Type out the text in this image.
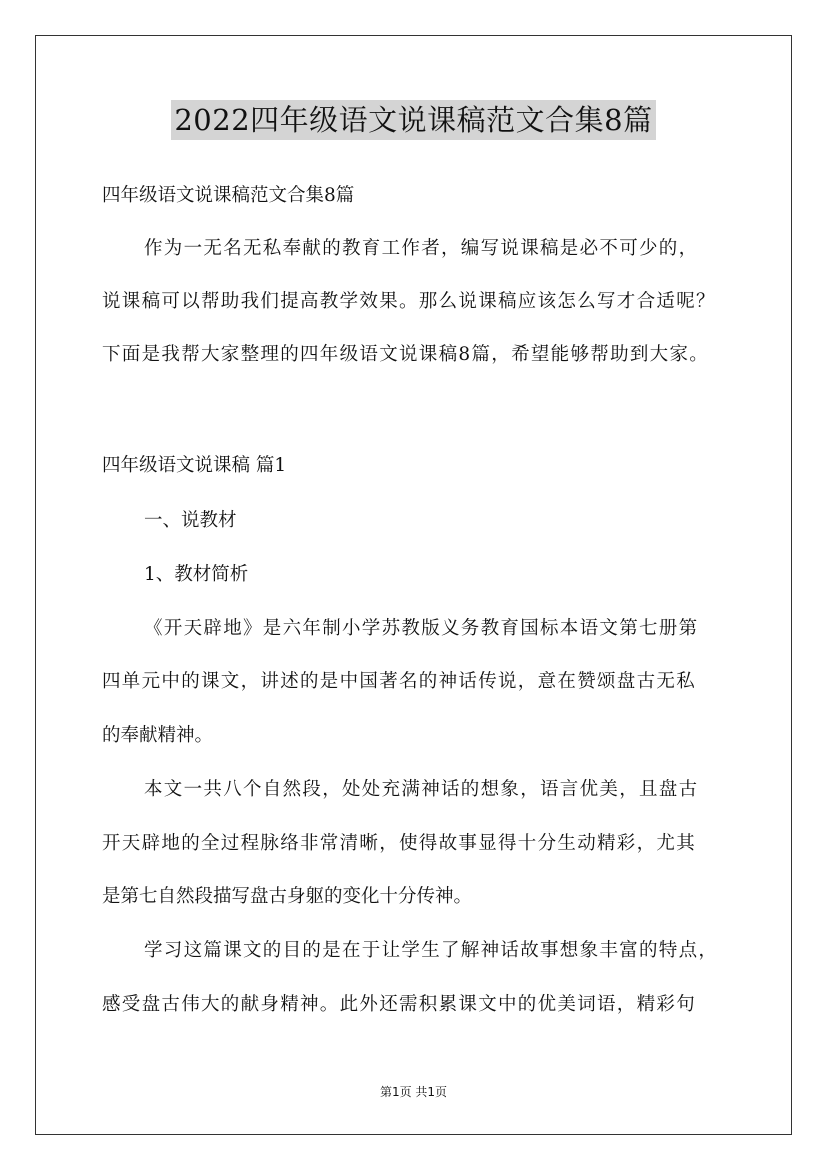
2022四年级语文说课稿范文合集8篇
四年级语文说课稿范文合集8篇
作为一无名无私奉献的教育工作者，编写说课稿是必不可少的，
说课稿可以帮助我们提高教学效果。那么说课稿应该怎么写才合适呢？
下面是我帮大家整理的四年级语文说课稿8篇，希望能够帮助到大家。
四年级语文说课稿 篇1
一、说教材
1、教材简析
《开天辟地》是六年制小学苏教版义务教育国标本语文第七册第
四单元中的课文，讲述的是中国著名的神话传说，意在赞颂盘古无私
的奉献精神。
本文一共八个自然段，处处充满神话的想象，语言优美，且盘古
开天辟地的全过程脉络非常清晰，使得故事显得十分生动精彩，尤其
是第七自然段描写盘古身躯的变化十分传神。
学习这篇课文的目的是在于让学生了解神话故事想象丰富的特点，
感受盘古伟大的献身精神。此外还需积累课文中的优美词语，精彩句
第1页 共1页
